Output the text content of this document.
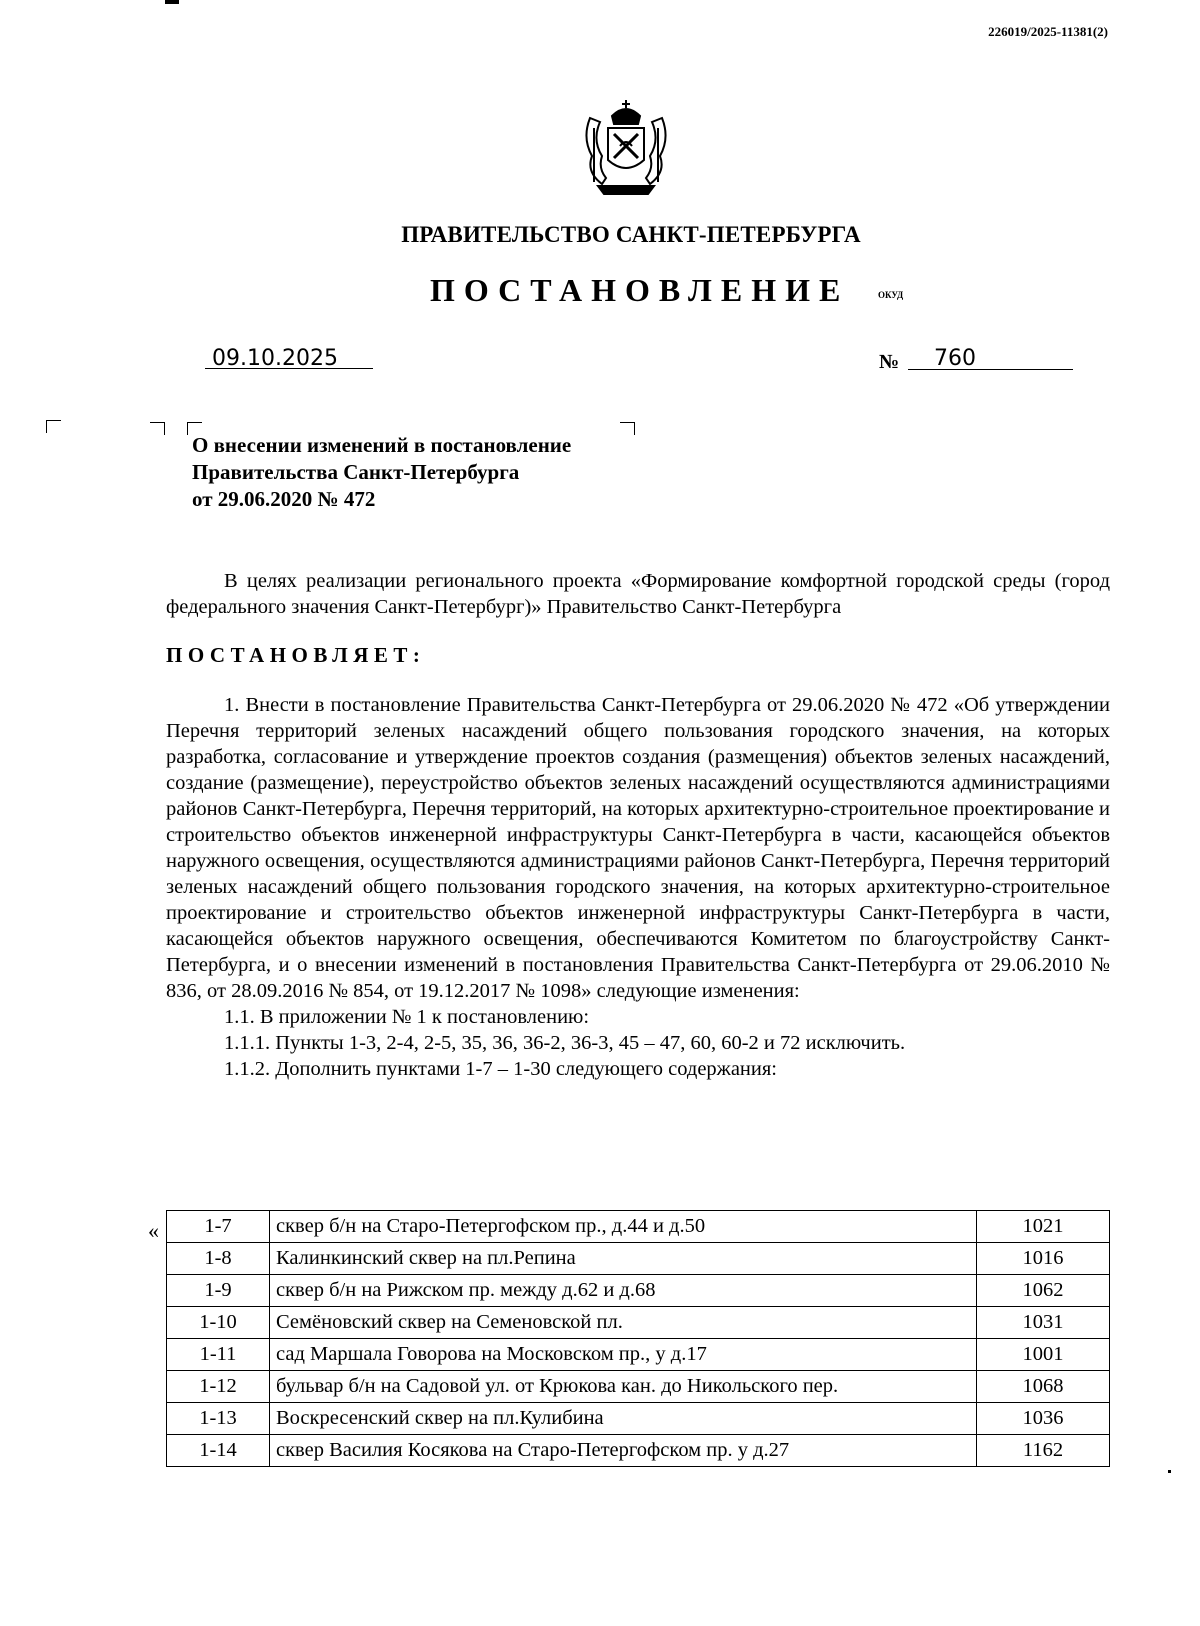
226019/2025-11381(2)
ПРАВИТЕЛЬСТВО САНКТ-ПЕТЕРБУРГА
ПОСТАНОВЛЕНИЕ	ОКУД
09.10.2025	№ 760
О внесении изменений в постановление
Правительства Санкт-Петербурга
от 29.06.2020 № 472

В целях реализации регионального проекта «Формирование комфортной городской среды (город федерального значения Санкт-Петербург)» Правительство Санкт-Петербурга

ПОСТАНОВЛЯЕТ:

1. Внести в постановление Правительства Санкт-Петербурга от 29.06.2020 № 472 «Об утверждении Перечня территорий зеленых насаждений общего пользования городского значения, на которых разработка, согласование и утверждение проектов создания (размещения) объектов зеленых насаждений, создание (размещение), переустройство объектов зеленых насаждений осуществляются администрациями районов Санкт-Петербурга, Перечня территорий, на которых архитектурно-строительное проектирование и строительство объектов инженерной инфраструктуры Санкт-Петербурга в части, касающейся объектов наружного освещения, осуществляются администрациями районов Санкт-Петербурга, Перечня территорий зеленых насаждений общего пользования городского значения, на которых архитектурно-строительное проектирование и строительство объектов инженерной инфраструктуры Санкт-Петербурга в части, касающейся объектов наружного освещения, обеспечиваются Комитетом по благоустройству Санкт-Петербурга, и о внесении изменений в постановления Правительства Санкт-Петербурга от 29.06.2010 № 836, от 28.09.2016 № 854, от 19.12.2017 № 1098» следующие изменения:

1.1. В приложении № 1 к постановлению:

1.1.1. Пункты 1-3, 2-4, 2-5, 35, 36, 36-2, 36-3, 45 – 47, 60, 60-2 и 72 исключить.

1.1.2. Дополнить пунктами 1-7 – 1-30 следующего содержания:

« 1-7	сквер б/н на Старо-Петергофском пр., д.44 и д.50	1021
1-8	Калинкинский сквер на пл.Репина	1016
1-9	сквер б/н на Рижском пр. между д.62 и д.68	1062
1-10	Семёновский сквер на Семеновской пл.	1031
1-11	сад Маршала Говорова на Московском пр., у д.17	1001
1-12	бульвар б/н на Садовой ул. от Крюкова кан. до Никольского пер.	1068
1-13	Воскресенский сквер на пл.Кулибина	1036
1-14	сквер Василия Косякова на Старо-Петергофском пр. у д.27	1162
